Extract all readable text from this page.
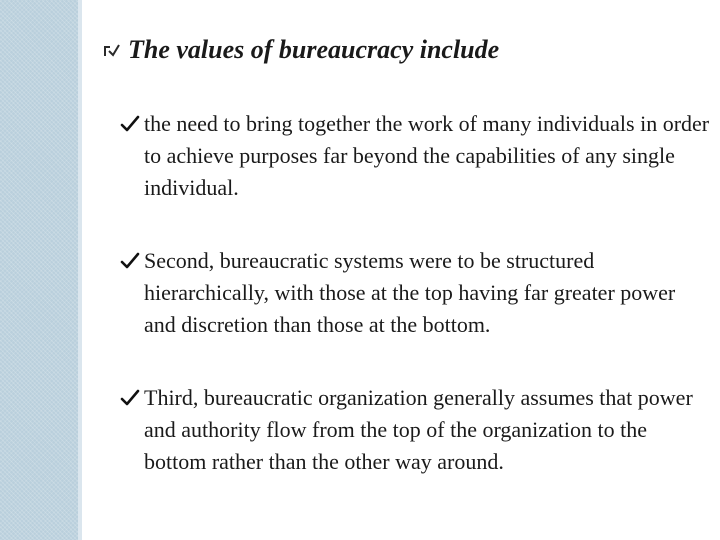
The values of bureaucracy include
the need to bring together the work of many individuals in order to achieve purposes far beyond the capabilities of any single individual.
Second, bureaucratic systems were to be structured hierarchically, with those at the top having far greater power and discretion than those at the bottom.
Third, bureaucratic organization generally assumes that power and authority flow from the top of the organization to the bottom rather than the other way around.
